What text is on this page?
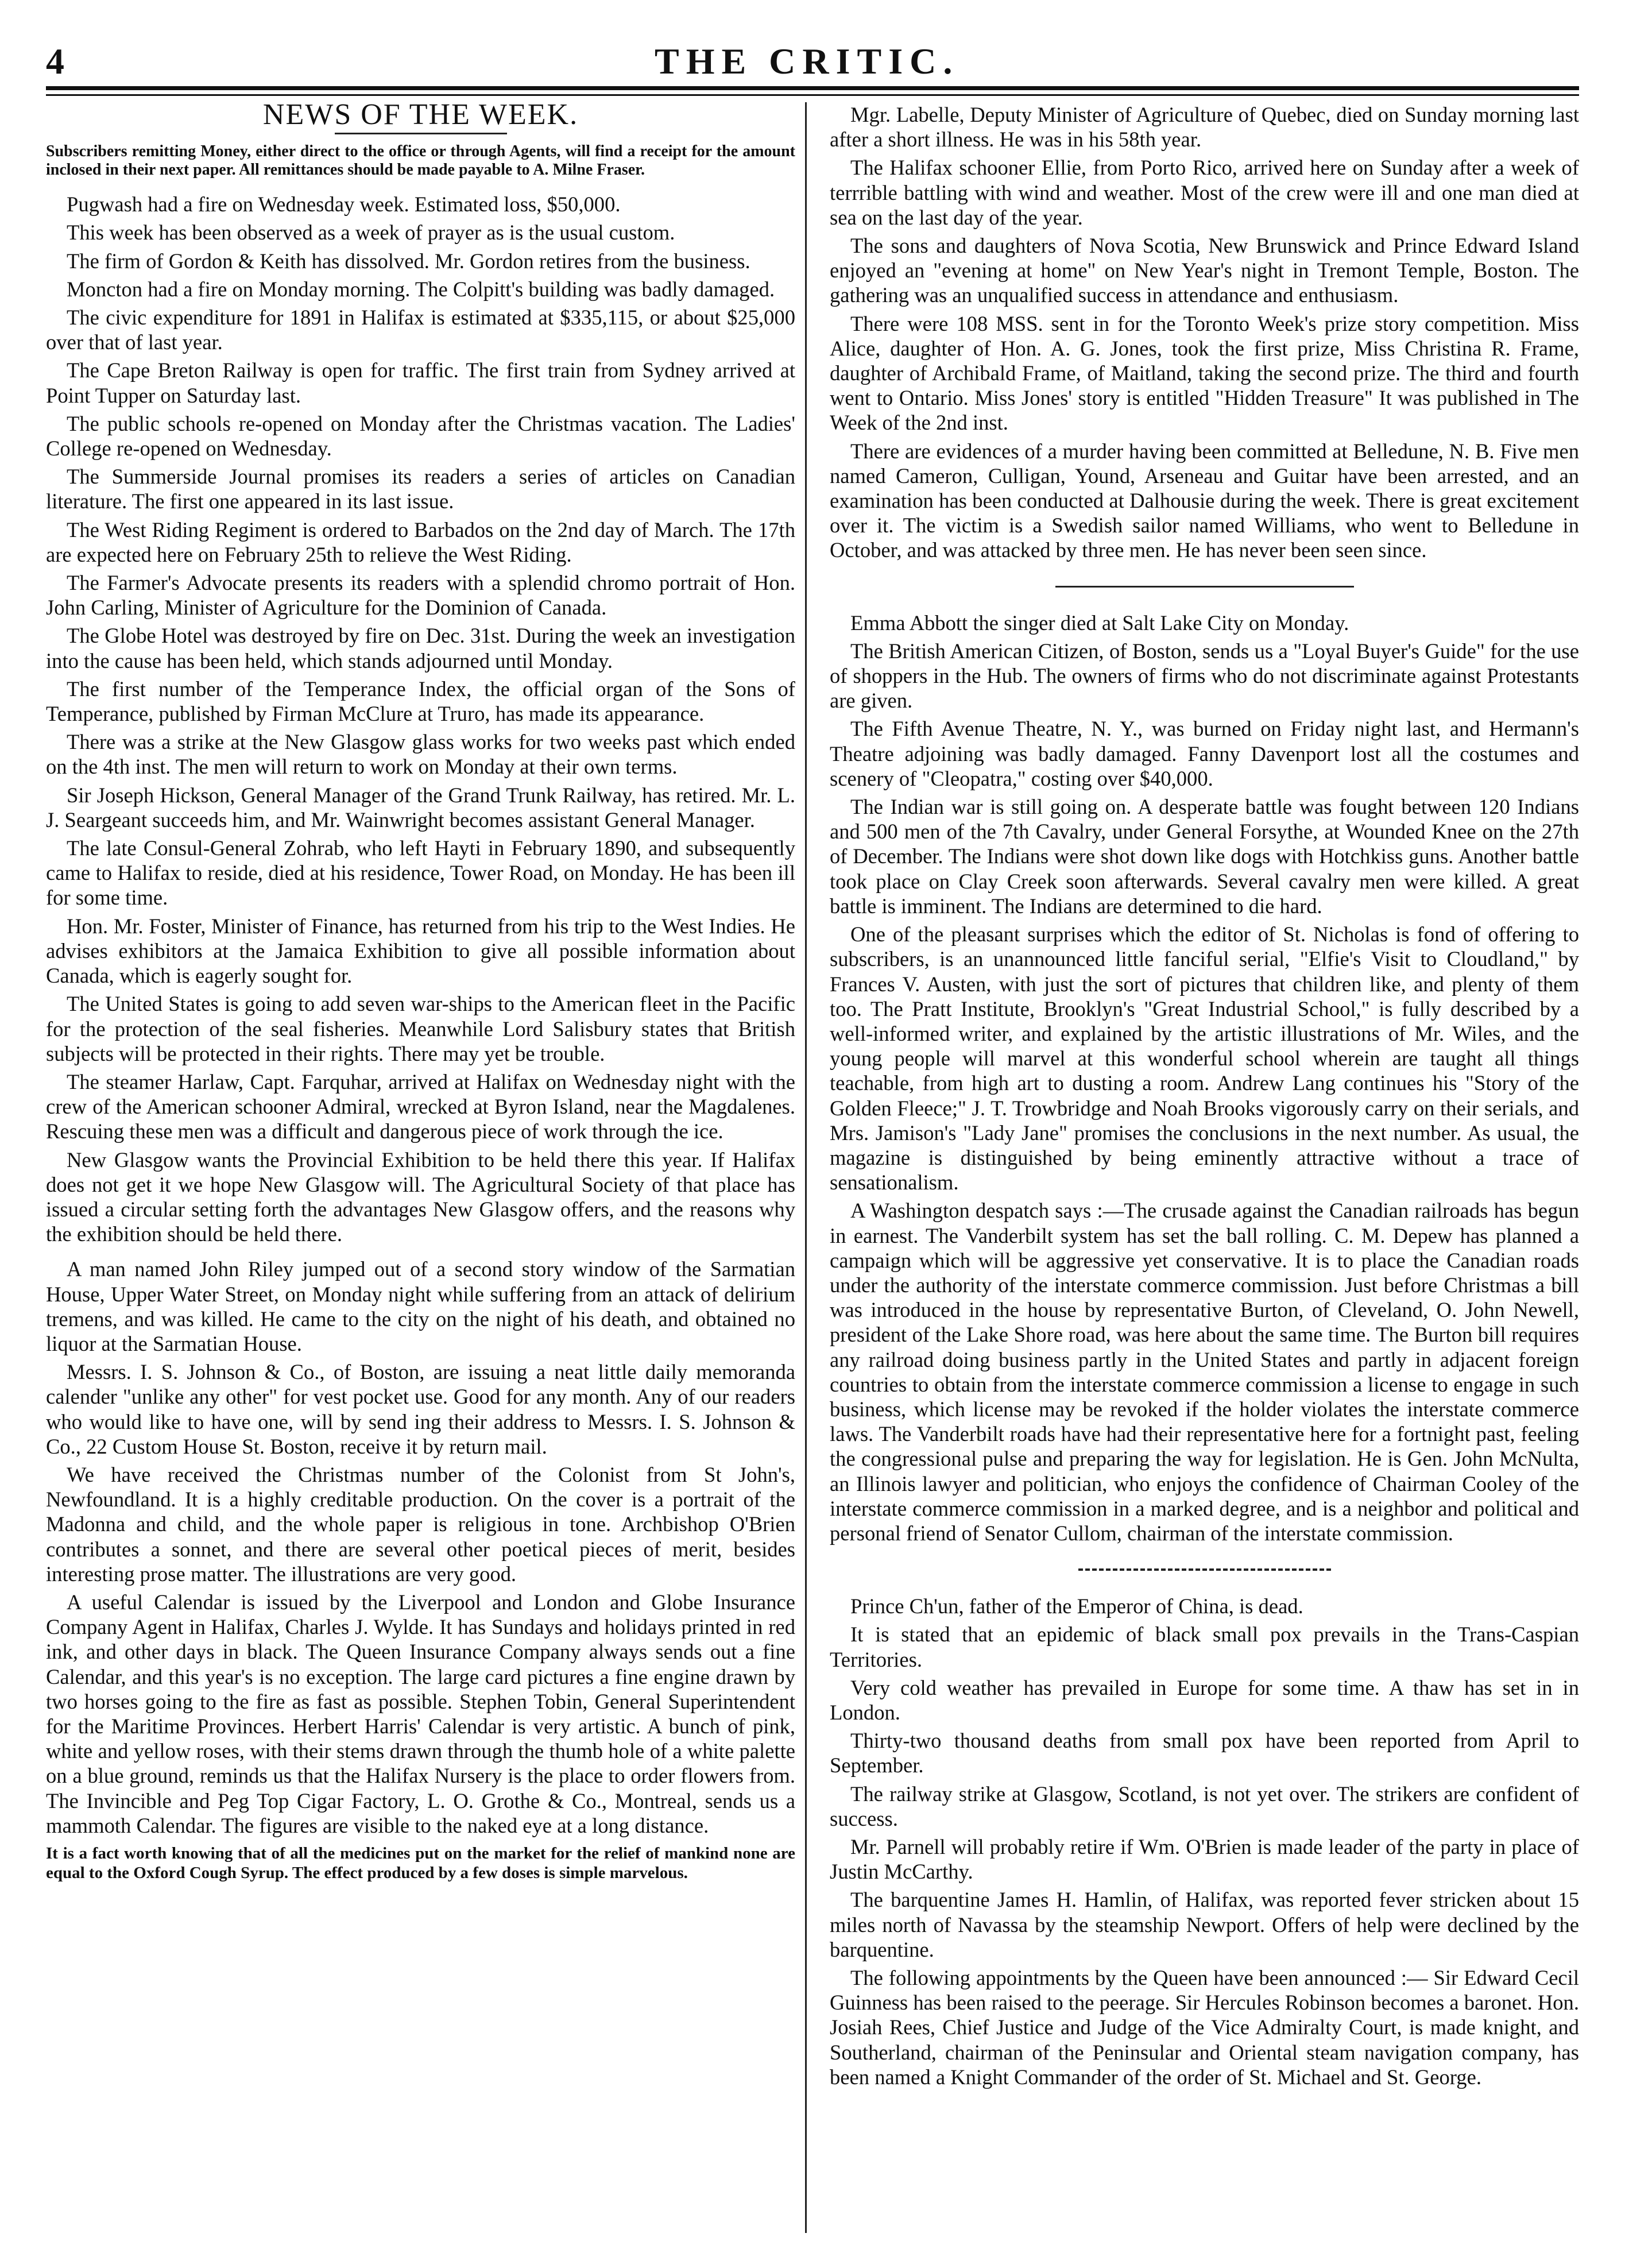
4	THE CRITIC.
NEWS OF THE WEEK.

Subscribers remitting Money, either direct to the office or through Agents, will find a receipt for the amount inclosed in their next paper. All remittances should be made payable to A. Milne Fraser.

Pugwash had a fire on Wednesday week. Estimated loss, $50,000.

This week has been observed as a week of prayer as is the usual custom.

The firm of Gordon & Keith has dissolved. Mr. Gordon retires from the business.

Moncton had a fire on Monday morning. The Colpitt's building was badly damaged.

The civic expenditure for 1891 in Halifax is estimated at $335,115, or about $25,000 over that of last year.

The Cape Breton Railway is open for traffic. The first train from Sydney arrived at Point Tupper on Saturday last.

The public schools re-opened on Monday after the Christmas vacation. The Ladies' College re-opened on Wednesday.

The Summerside Journal promises its readers a series of articles on Canadian literature. The first one appeared in its last issue.

The West Riding Regiment is ordered to Barbados on the 2nd day of March. The 17th are expected here on February 25th to relieve the West Riding.

The Farmer's Advocate presents its readers with a splendid chromo portrait of Hon. John Carling, Minister of Agriculture for the Dominion of Canada.

The Globe Hotel was destroyed by fire on Dec. 31st. During the week an investigation into the cause has been held, which stands adjourned until Monday.

The first number of the Temperance Index, the official organ of the Sons of Temperance, published by Firman McClure at Truro, has made its appearance.

There was a strike at the New Glasgow glass works for two weeks past which ended on the 4th inst. The men will return to work on Monday at their own terms.

Sir Joseph Hickson, General Manager of the Grand Trunk Railway, has retired. Mr. L. J. Seargeant succeeds him, and Mr. Wainwright becomes assistant General Manager.

The late Consul-General Zohrab, who left Hayti in February 1890, and subsequently came to Halifax to reside, died at his residence, Tower Road, on Monday. He has been ill for some time.

Hon. Mr. Foster, Minister of Finance, has returned from his trip to the West Indies. He advises exhibitors at the Jamaica Exhibition to give all possible information about Canada, which is eagerly sought for.

The United States is going to add seven war-ships to the American fleet in the Pacific for the protection of the seal fisheries. Meanwhile Lord Salisbury states that British subjects will be protected in their rights. There may yet be trouble.

The steamer Harlaw, Capt. Farquhar, arrived at Halifax on Wednesday night with the crew of the American schooner Admiral, wrecked at Byron Island, near the Magdalenes. Rescuing these men was a difficult and dangerous piece of work through the ice.

New Glasgow wants the Provincial Exhibition to be held there this year. If Halifax does not get it we hope New Glasgow will. The Agricultural Society of that place has issued a circular setting forth the advantages New Glasgow offers, and the reasons why the exhibition should be held there.

A man named John Riley jumped out of a second story window of the Sarmatian House, Upper Water Street, on Monday night while suffering from an attack of delirium tremens, and was killed. He came to the city on the night of his death, and obtained no liquor at the Sarmatian House.

Messrs. I. S. Johnson & Co., of Boston, are issuing a neat little daily memoranda calender "unlike any other" for vest pocket use. Good for any month. Any of our readers who would like to have one, will by send ing their address to Messrs. I. S. Johnson & Co., 22 Custom House St. Boston, receive it by return mail.

We have received the Christmas number of the Colonist from St John's, Newfoundland. It is a highly creditable production. On the cover is a portrait of the Madonna and child, and the whole paper is religious in tone. Archbishop O'Brien contributes a sonnet, and there are several other poetical pieces of merit, besides interesting prose matter. The illustrations are very good.

A useful Calendar is issued by the Liverpool and London and Globe Insurance Company Agent in Halifax, Charles J. Wylde. It has Sundays and holidays printed in red ink, and other days in black. The Queen Insurance Company always sends out a fine Calendar, and this year's is no exception. The large card pictures a fine engine drawn by two horses going to the fire as fast as possible. Stephen Tobin, General Superintendent for the Maritime Provinces. Herbert Harris' Calendar is very artistic. A bunch of pink, white and yellow roses, with their stems drawn through the thumb hole of a white palette on a blue ground, reminds us that the Halifax Nursery is the place to order flowers from. The Invincible and Peg Top Cigar Factory, L. O. Grothe & Co., Montreal, sends us a mammoth Calendar. The figures are visible to the naked eye at a long distance.

It is a fact worth knowing that of all the medicines put on the market for the relief of mankind none are equal to the Oxford Cough Syrup. The effect produced by a few doses is simple marvelous.

Mgr. Labelle, Deputy Minister of Agriculture of Quebec, died on Sunday morning last after a short illness. He was in his 58th year.

The Halifax schooner Ellie, from Porto Rico, arrived here on Sunday after a week of terrrible battling with wind and weather. Most of the crew were ill and one man died at sea on the last day of the year.

The sons and daughters of Nova Scotia, New Brunswick and Prince Edward Island enjoyed an "evening at home" on New Year's night in Tremont Temple, Boston. The gathering was an unqualified success in attendance and enthusiasm.

There were 108 MSS. sent in for the Toronto Week's prize story competition. Miss Alice, daughter of Hon. A. G. Jones, took the first prize, Miss Christina R. Frame, daughter of Archibald Frame, of Maitland, taking the second prize. The third and fourth went to Ontario. Miss Jones' story is entitled "Hidden Treasure" It was published in The Week of the 2nd inst.

There are evidences of a murder having been committed at Belledune, N. B. Five men named Cameron, Culligan, Yound, Arseneau and Guitar have been arrested, and an examination has been conducted at Dalhousie during the week. There is great excitement over it. The victim is a Swedish sailor named Williams, who went to Belledune in October, and was attacked by three men. He has never been seen since.

Emma Abbott the singer died at Salt Lake City on Monday.

The British American Citizen, of Boston, sends us a "Loyal Buyer's Guide" for the use of shoppers in the Hub. The owners of firms who do not discriminate against Protestants are given.

The Fifth Avenue Theatre, N. Y., was burned on Friday night last, and Hermann's Theatre adjoining was badly damaged. Fanny Davenport lost all the costumes and scenery of "Cleopatra," costing over $40,000.

The Indian war is still going on. A desperate battle was fought between 120 Indians and 500 men of the 7th Cavalry, under General Forsythe, at Wounded Knee on the 27th of December. The Indians were shot down like dogs with Hotchkiss guns. Another battle took place on Clay Creek soon afterwards. Several cavalry men were killed. A great battle is imminent. The Indians are determined to die hard.

One of the pleasant surprises which the editor of St. Nicholas is fond of offering to subscribers, is an unannounced little fanciful serial, "Elfie's Visit to Cloudland," by Frances V. Austen, with just the sort of pictures that children like, and plenty of them too. The Pratt Institute, Brooklyn's "Great Industrial School," is fully described by a well-informed writer, and explained by the artistic illustrations of Mr. Wiles, and the young people will marvel at this wonderful school wherein are taught all things teachable, from high art to dusting a room. Andrew Lang continues his "Story of the Golden Fleece;" J. T. Trowbridge and Noah Brooks vigorously carry on their serials, and Mrs. Jamison's "Lady Jane" promises the conclusions in the next number. As usual, the magazine is distinguished by being eminently attractive without a trace of sensationalism.

A Washington despatch says :—The crusade against the Canadian railroads has begun in earnest. The Vanderbilt system has set the ball rolling. C. M. Depew has planned a campaign which will be aggressive yet conservative. It is to place the Canadian roads under the authority of the interstate commerce commission. Just before Christmas a bill was introduced in the house by representative Burton, of Cleveland, O. John Newell, president of the Lake Shore road, was here about the same time. The Burton bill requires any railroad doing business partly in the United States and partly in adjacent foreign countries to obtain from the interstate commerce commission a license to engage in such business, which license may be revoked if the holder violates the interstate commerce laws. The Vanderbilt roads have had their representative here for a fortnight past, feeling the congressional pulse and preparing the way for legislation. He is Gen. John McNulta, an Illinois lawyer and politician, who enjoys the confidence of Chairman Cooley of the interstate commerce commission in a marked degree, and is a neighbor and political and personal friend of Senator Cullom, chairman of the interstate commission.

Prince Ch'un, father of the Emperor of China, is dead.

It is stated that an epidemic of black small pox prevails in the Trans-Caspian Territories.

Very cold weather has prevailed in Europe for some time. A thaw has set in in London.

Thirty-two thousand deaths from small pox have been reported from April to September.

The railway strike at Glasgow, Scotland, is not yet over. The strikers are confident of success.

Mr. Parnell will probably retire if Wm. O'Brien is made leader of the party in place of Justin McCarthy.

The barquentine James H. Hamlin, of Halifax, was reported fever stricken about 15 miles north of Navassa by the steamship Newport. Offers of help were declined by the barquentine.

The following appointments by the Queen have been announced :— Sir Edward Cecil Guinness has been raised to the peerage. Sir Hercules Robinson becomes a baronet. Hon. Josiah Rees, Chief Justice and Judge of the Vice Admiralty Court, is made knight, and Southerland, chairman of the Peninsular and Oriental steam navigation company, has been named a Knight Commander of the order of St. Michael and St. George.
